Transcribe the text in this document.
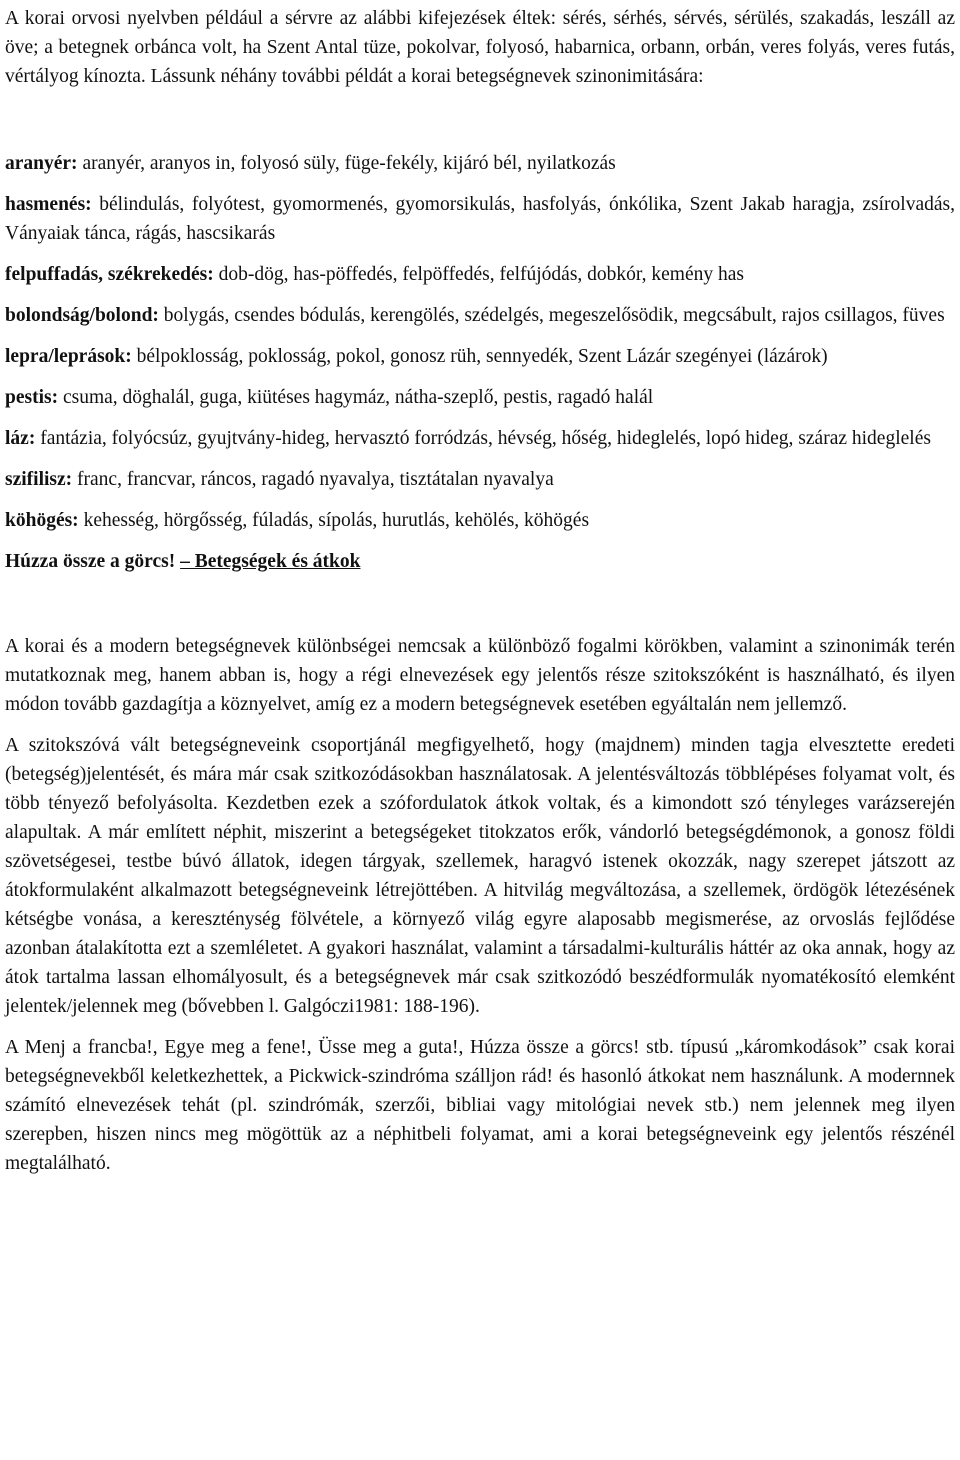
A korai orvosi nyelvben például a sérvre az alábbi kifejezések éltek: sérés, sérhés, sérvés, sérülés, szakadás, leszáll az öve; a betegnek orbánca volt, ha Szent Antal tüze, pokolvar, folyosó, habarnica, orbann, orbán, veres folyás, veres futás, vértályog kínozta. Lássunk néhány további példát a korai betegségnevek szinonimitására:

aranyér: aranyér, aranyos in, folyosó süly, füge-fekély, kijáró bél, nyilatkozás

hasmenés: bélindulás, folyótest, gyomormenés, gyomorsikulás, hasfolyás, ónkólika, Szent Jakab haragja, zsírolvadás, Ványaiak tánca, rágás, hascsikarás

felpuffadás, székrekedés: dob-dög, has-pöffedés, felpöffedés, felfújódás, dobkór, kemény has

bolondság/bolond: bolygás, csendes bódulás, kerengölés, szédelgés, megeszelősödik, megcsábult, rajos csillagos, füves

lepra/leprások: bélpoklosság, poklosság, pokol, gonosz rüh, sennyedék, Szent Lázár szegényei (lázárok)

pestis: csuma, döghalál, guga, kiütéses hagymáz, nátha-szeplő, pestis, ragadó halál

láz: fantázia, folyócsúz, gyujtvány-hideg, hervasztó forródzás, hévség, hőség, hideglelés, lopó hideg, száraz hideglelés

szifilisz: franc, francvar, ráncos, ragadó nyavalya, tisztátalan nyavalya

köhögés: kehesség, hörgősség, fúladás, sípolás, hurutlás, kehölés, köhögés

Húzza össze a görcs! – Betegségek és átkok

A korai és a modern betegségnevek különbségei nemcsak a különböző fogalmi körökben, valamint a szinonimák terén mutatkoznak meg, hanem abban is, hogy a régi elnevezések egy jelentős része szitokszóként is használható, és ilyen módon tovább gazdagítja a köznyelvet, amíg ez a modern betegségnevek esetében egyáltalán nem jellemző.

A szitokszóvá vált betegségneveink csoportjánál megfigyelhető, hogy (majdnem) minden tagja elvesztette eredeti (betegség)jelentését, és mára már csak szitkozódásokban használatosak. A jelentésváltozás többlépéses folyamat volt, és több tényező befolyásolta. Kezdetben ezek a szófordulatok átkok voltak, és a kimondott szó tényleges varázserején alapultak. A már említett néphit, miszerint a betegségeket titokzatos erők, vándorló betegségdémonok, a gonosz földi szövetségesei, testbe búvó állatok, idegen tárgyak, szellemek, haragvó istenek okozzák, nagy szerepet játszott az átokformulaként alkalmazott betegségneveink létrejöttében. A hitvilág megváltozása, a szellemek, ördögök létezésének kétségbe vonása, a kereszténység fölvétele, a környező világ egyre alaposabb megismerése, az orvoslás fejlődése azonban átalakította ezt a szemléletet. A gyakori használat, valamint a társadalmi-kulturális háttér az oka annak, hogy az átok tartalma lassan elhomályosult, és a betegségnevek már csak szitkozódó beszédformulák nyomatékosító elemként jelentek/jelennek meg (bővebben l. Galgóczi1981: 188-196).

A Menj a francba!, Egye meg a fene!, Üsse meg a guta!, Húzza össze a görcs! stb. típusú „káromkodások” csak korai betegségnevekből keletkezhettek, a Pickwick-szindróma szálljon rád! és hasonló átkokat nem használunk. A modernnek számító elnevezések tehát (pl. szindrómák, szerzői, bibliai vagy mitológiai nevek stb.) nem jelennek meg ilyen szerepben, hiszen nincs meg mögöttük az a néphitbeli folyamat, ami a korai betegségneveink egy jelentős részénél megtalálható.
